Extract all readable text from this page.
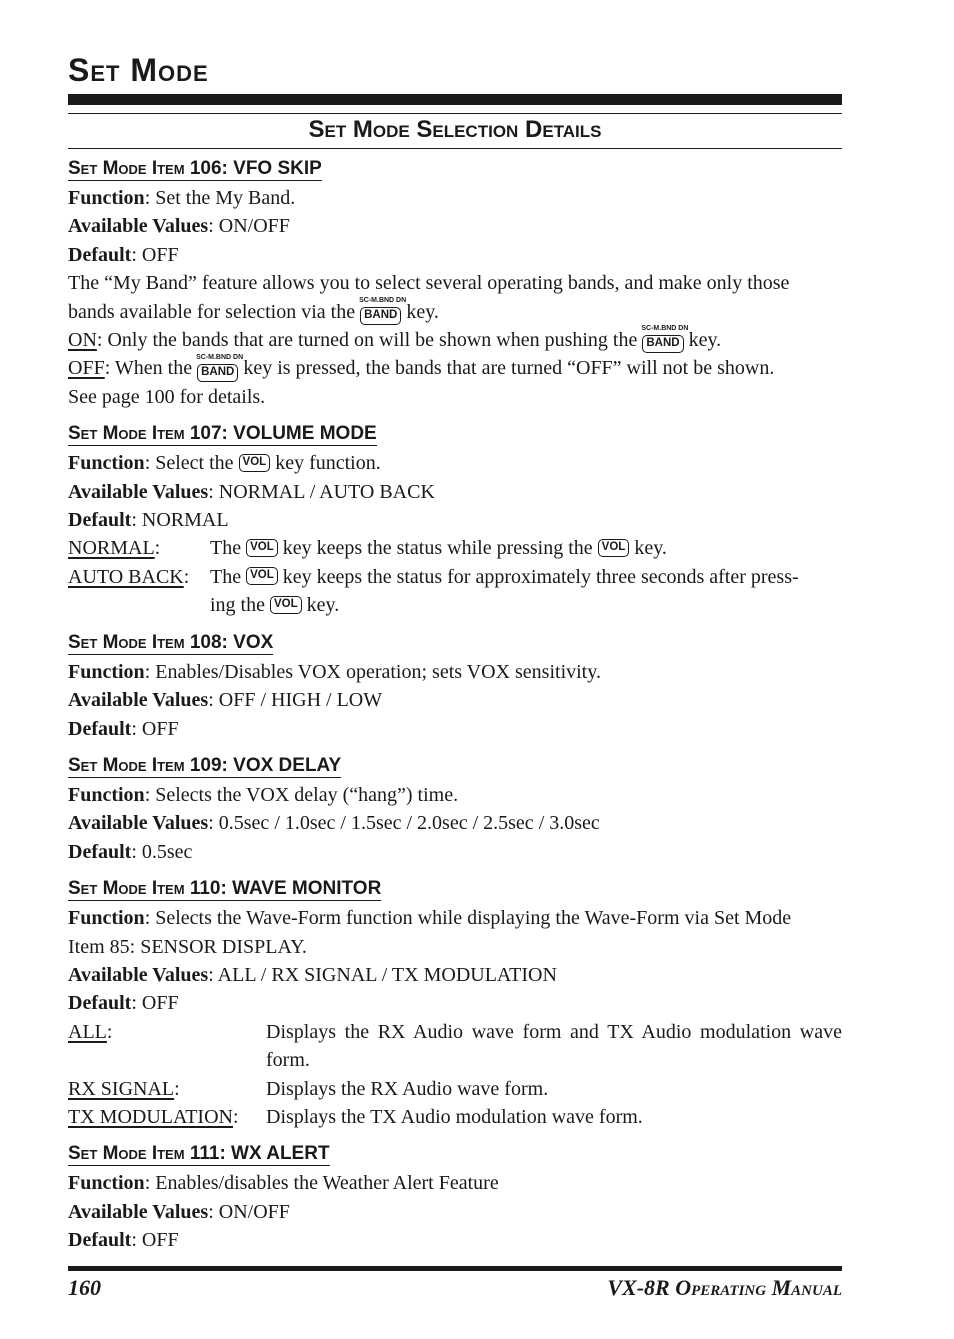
Set Mode
Set Mode Selection Details
Set Mode Item 106: VFO SKIP
Function: Set the My Band.
Available Values: ON/OFF
Default: OFF
The “My Band” feature allows you to select several operating bands, and make only those
bands available for selection via the
SC-M.BND DN
BAND key.
ON: Only the bands that are turned on will be shown when pushing the
SC-M.BND DN
BAND key.
OFF: When the
SC-M.BND DN
BAND key is pressed, the bands that are turned “OFF” will not be shown.
See page 100 for details.
Set Mode Item 107: VOLUME MODE
Function: Select the VOL key function.
Available Values: NORMAL / AUTO BACK
Default: NORMAL
NORMAL:	The VOL key keeps the status while pressing the VOL key.
AUTO BACK:	The VOL key keeps the status for approximately three seconds after press-
ing the VOL key.
Set Mode Item 108: VOX
Function: Enables/Disables VOX operation; sets VOX sensitivity.
Available Values: OFF / HIGH / LOW
Default: OFF
Set Mode Item 109: VOX DELAY
Function: Selects the VOX delay (“hang”) time.
Available Values: 0.5sec / 1.0sec / 1.5sec / 2.0sec / 2.5sec / 3.0sec
Default: 0.5sec
Set Mode Item 110: WAVE MONITOR
Function: Selects the Wave-Form function while displaying the Wave-Form via Set Mode
Item 85: SENSOR DISPLAY.
Available Values: ALL / RX SIGNAL / TX MODULATION
Default: OFF
ALL:	Displays the RX Audio wave form and TX Audio modulation wave form.
RX SIGNAL:	Displays the RX Audio wave form.
TX MODULATION:	Displays the TX Audio modulation wave form.
Set Mode Item 111: WX ALERT
Function: Enables/disables the Weather Alert Feature
Available Values: ON/OFF
Default: OFF
160	VX-8R Operating Manual
